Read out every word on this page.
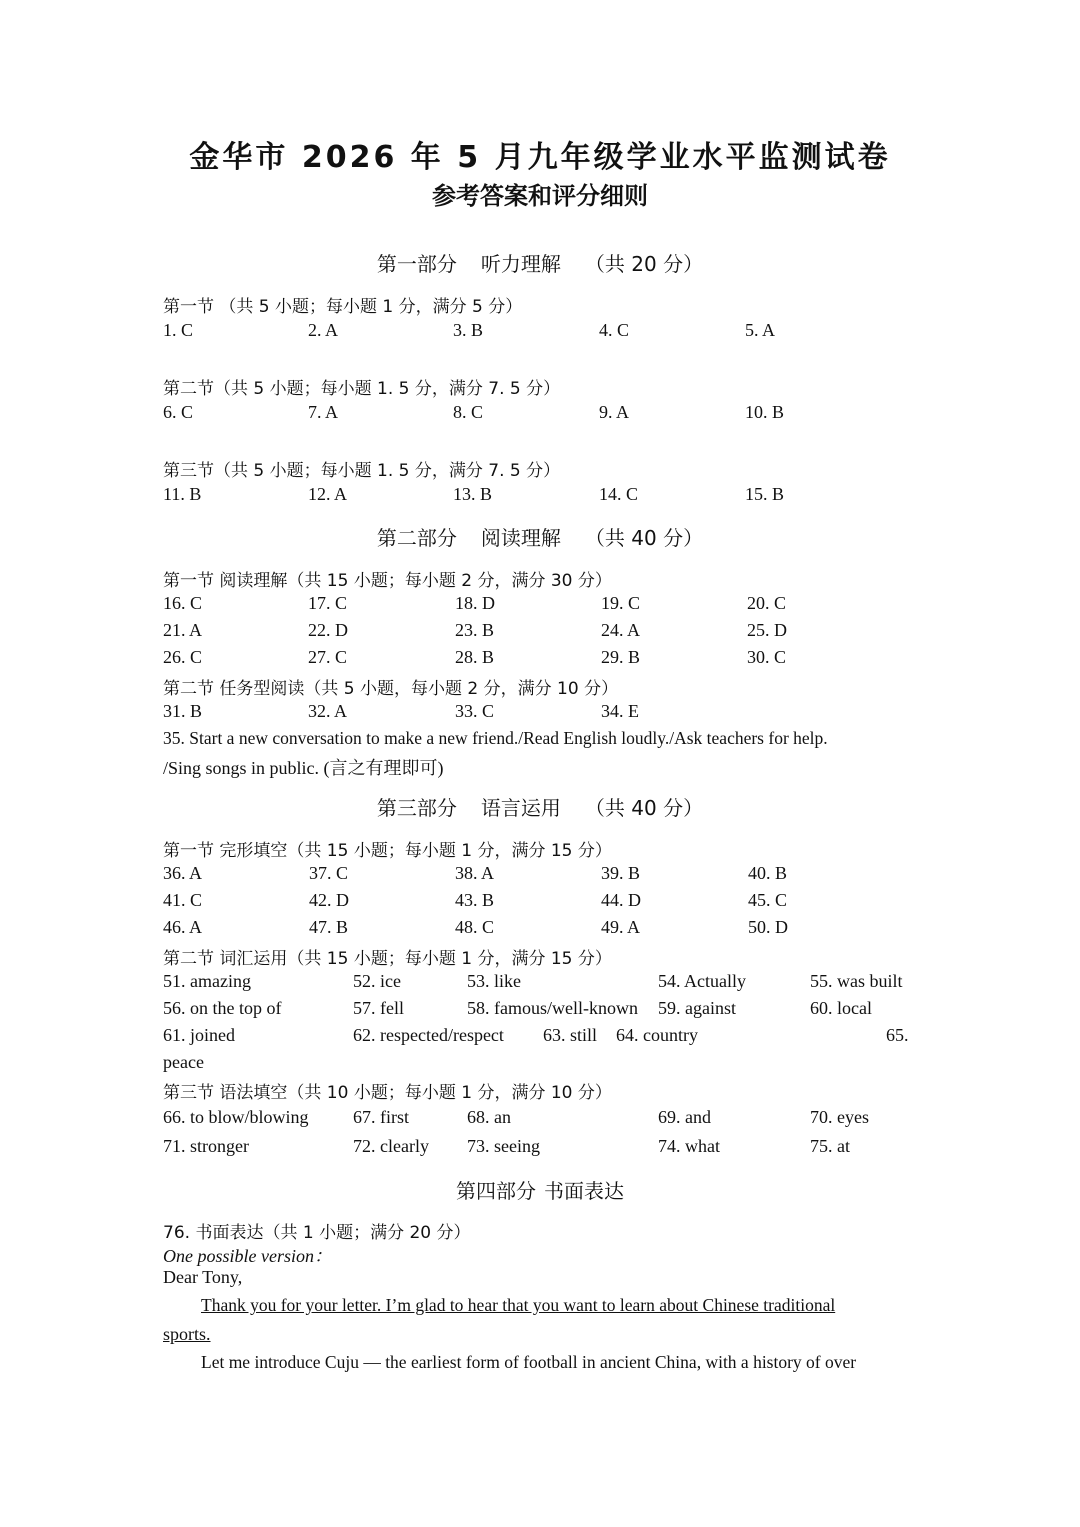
金华市 2026 年 5 月九年级学业水平监测试卷
参考答案和评分细则
第一部分 听力理解 （共 20 分）
第一节 （共 5 小题；每小题 1 分，满分 5 分）
1. C	2. A	3. B	4. C	5. A
第二节（共 5 小题；每小题 1. 5 分，满分 7. 5 分）
6. C	7. A	8. C	9. A	10. B
第三节（共 5 小题；每小题 1. 5 分，满分 7. 5 分）
11. B	12. A	13. B	14. C	15. B
第二部分 阅读理解 （共 40 分）
第一节 阅读理解（共 15 小题；每小题 2 分，满分 30 分）
16. C	17. C	18. D	19. C	20. C
21. A	22. D	23. B	24. A	25. D
26. C	27. C	28. B	29. B	30. C
第二节 任务型阅读（共 5 小题，每小题 2 分，满分 10 分）
31. B	32. A	33. C	34. E
35. Start a new conversation to make a new friend./Read English loudly./Ask teachers for help.
/Sing songs in public. (言之有理即可)
第三部分 语言运用 （共 40 分）
第一节 完形填空（共 15 小题；每小题 1 分，满分 15 分）
36. A	37. C	38. A	39. B	40. B
41. C	42. D	43. B	44. D	45. C
46. A	47. B	48. C	49. A	50. D
第二节 词汇运用（共 15 小题；每小题 1 分，满分 15 分）
51. amazing	52. ice	53. like	54. Actually	55. was built
56. on the top of	57. fell	58. famous/well-known 59. against	60. local
61. joined	62. respected/respect 63. still 64. country	65.
peace
第三节 语法填空（共 10 小题；每小题 1 分，满分 10 分）
66. to blow/blowing 67. first	68. an	69. and	70. eyes
71. stronger	72. clearly 73. seeing	74. what	75. at
第四部分 书面表达
76. 书面表达（共 1 小题；满分 20 分）
One possible version：
Dear Tony,
Thank you for your letter. I’m glad to hear that you want to learn about Chinese traditional
sports.
Let me introduce Cuju — the earliest form of football in ancient China, with a history of over
